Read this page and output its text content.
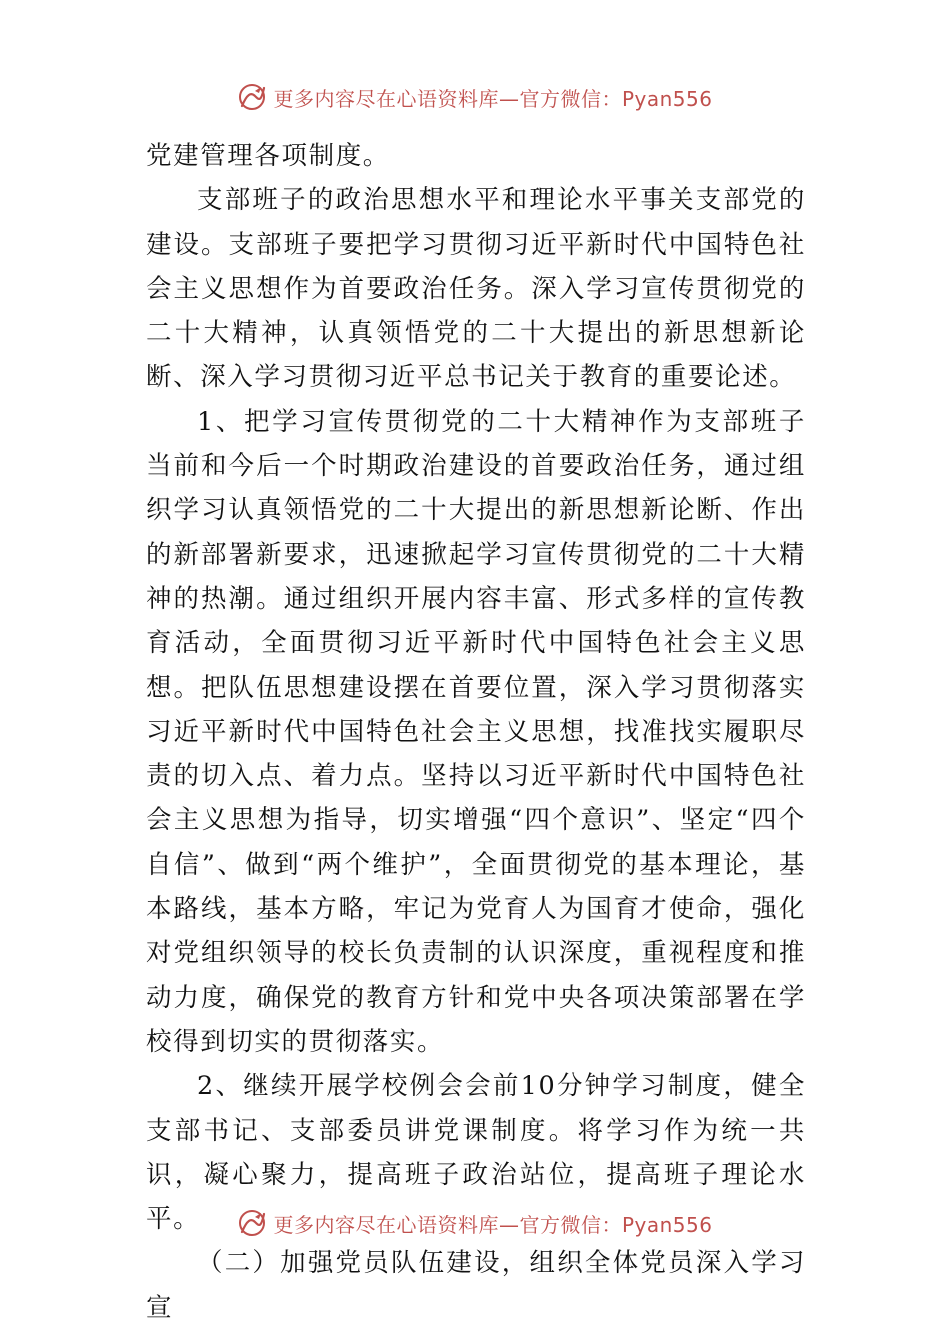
更多内容尽在心语资料库—官方微信：Pyan556

党建管理各项制度。

支部班子的政治思想水平和理论水平事关支部党的建设。支部班子要把学习贯彻习近平新时代中国特色社会主义思想作为首要政治任务。深入学习宣传贯彻党的二十大精神，认真领悟党的二十大提出的新思想新论断、深入学习贯彻习近平总书记关于教育的重要论述。

1、把学习宣传贯彻党的二十大精神作为支部班子当前和今后一个时期政治建设的首要政治任务，通过组织学习认真领悟党的二十大提出的新思想新论断、作出的新部署新要求，迅速掀起学习宣传贯彻党的二十大精神的热潮。通过组织开展内容丰富、形式多样的宣传教育活动，全面贯彻习近平新时代中国特色社会主义思想。把队伍思想建设摆在首要位置，深入学习贯彻落实习近平新时代中国特色社会主义思想，找准找实履职尽责的切入点、着力点。坚持以习近平新时代中国特色社会主义思想为指导，切实增强“四个意识”、坚定“四个自信”、做到“两个维护”，全面贯彻党的基本理论，基本路线，基本方略，牢记为党育人为国育才使命，强化对党组织领导的校长负责制的认识深度，重视程度和推动力度，确保党的教育方针和党中央各项决策部署在学校得到切实的贯彻落实。

2、继续开展学校例会会前10分钟学习制度，健全支部书记、支部委员讲党课制度。将学习作为统一共识，凝心聚力，提高班子政治站位，提高班子理论水平。

（二）加强党员队伍建设，组织全体党员深入学习宣

更多内容尽在心语资料库—官方微信：Pyan556
